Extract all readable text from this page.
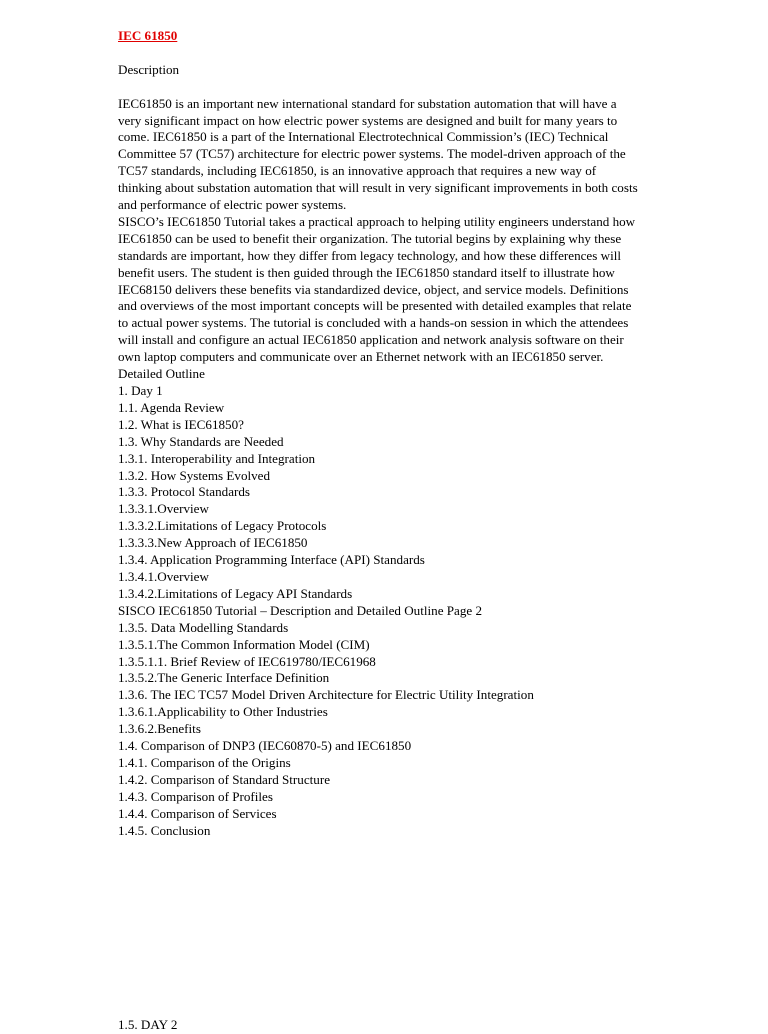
IEC 61850

Description

IEC61850 is an important new international standard for substation automation that will have a very significant impact on how electric power systems are designed and built for many years to come. IEC61850 is a part of the International Electrotechnical Commission’s (IEC) Technical Committee 57 (TC57) architecture for electric power systems. The model-driven approach of the TC57 standards, including IEC61850, is an innovative approach that requires a new way of thinking about substation automation that will result in very significant improvements in both costs and performance of electric power systems.

SISCO’s IEC61850 Tutorial takes a practical approach to helping utility engineers understand how IEC61850 can be used to benefit their organization. The tutorial begins by explaining why these standards are important, how they differ from legacy technology, and how these differences will benefit users. The student is then guided through the IEC61850 standard itself to illustrate how IEC68150 delivers these benefits via standardized device, object, and service models. Definitions and overviews of the most important concepts will be presented with detailed examples that relate to actual power systems. The tutorial is concluded with a hands-on session in which the attendees will install and configure an actual IEC61850 application and network analysis software on their own laptop computers and communicate over an Ethernet network with an IEC61850 server.

Detailed Outline
1. Day 1
1.1. Agenda Review
1.2. What is IEC61850?
1.3. Why Standards are Needed
1.3.1. Interoperability and Integration
1.3.2. How Systems Evolved
1.3.3. Protocol Standards
1.3.3.1.Overview
1.3.3.2.Limitations of Legacy Protocols
1.3.3.3.New Approach of IEC61850
1.3.4. Application Programming Interface (API) Standards
1.3.4.1.Overview
1.3.4.2.Limitations of Legacy API Standards
SISCO IEC61850 Tutorial – Description and Detailed Outline Page 2
1.3.5. Data Modelling Standards
1.3.5.1.The Common Information Model (CIM)
1.3.5.1.1. Brief Review of IEC619780/IEC61968
1.3.5.2.The Generic Interface Definition
1.3.6. The IEC TC57 Model Driven Architecture for Electric Utility Integration
1.3.6.1.Applicability to Other Industries
1.3.6.2.Benefits
1.4. Comparison of DNP3 (IEC60870-5) and IEC61850
1.4.1. Comparison of the Origins
1.4.2. Comparison of Standard Structure
1.4.3. Comparison of Profiles
1.4.4. Comparison of Services
1.4.5. Conclusion
1.5. DAY 2
